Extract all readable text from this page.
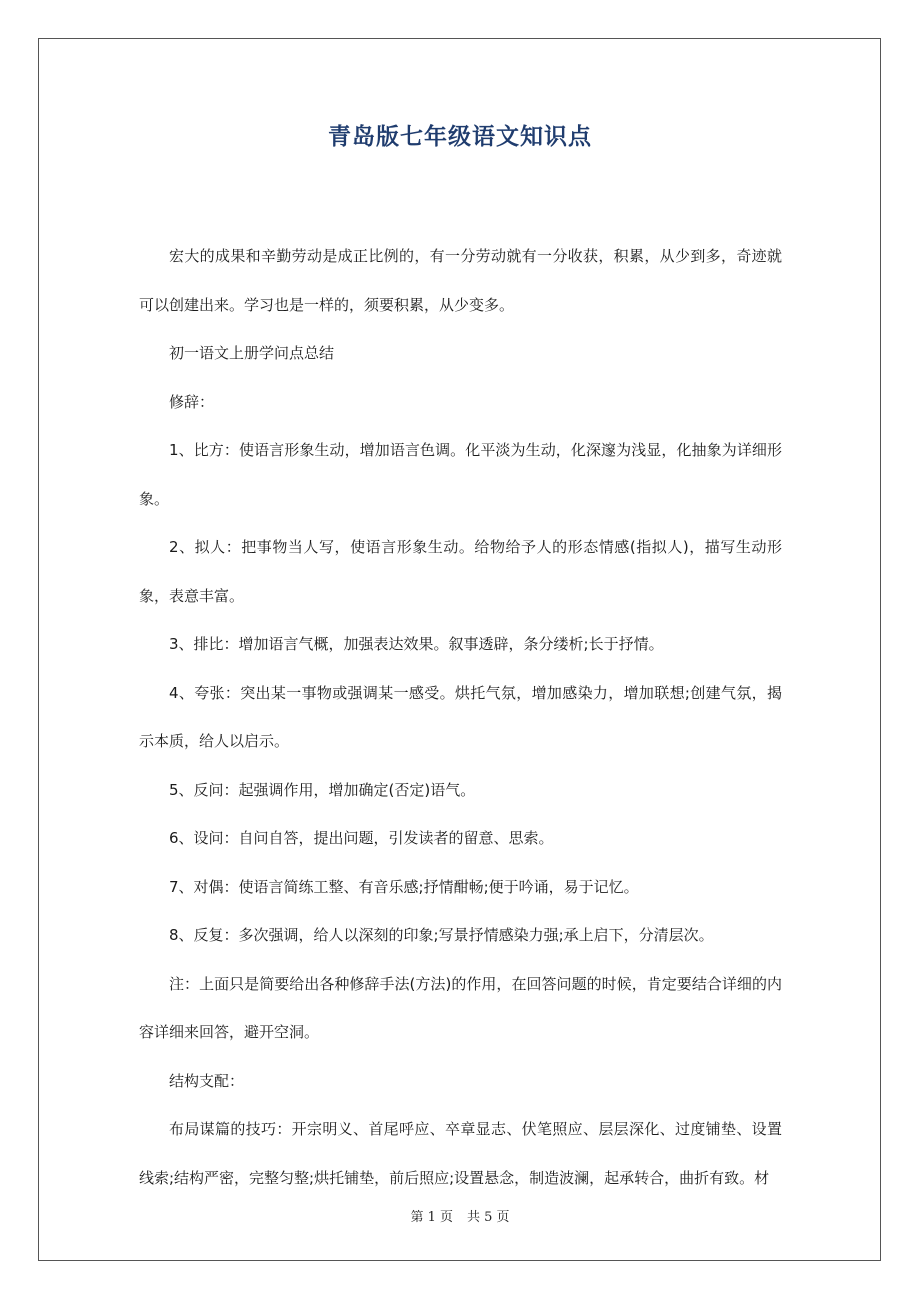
青岛版七年级语文知识点

宏大的成果和辛勤劳动是成正比例的，有一分劳动就有一分收获，积累，从少到多，奇迹就可以创建出来。学习也是一样的，须要积累，从少变多。

初一语文上册学问点总结

修辞：

1、比方：使语言形象生动，增加语言色调。化平淡为生动，化深邃为浅显，化抽象为详细形象。

2、拟人：把事物当人写，使语言形象生动。给物给予人的形态情感(指拟人)，描写生动形象，表意丰富。

3、排比：增加语言气概，加强表达效果。叙事透辟，条分缕析;长于抒情。

4、夸张：突出某一事物或强调某一感受。烘托气氛，增加感染力，增加联想;创建气氛，揭示本质，给人以启示。

5、反问：起强调作用，增加确定(否定)语气。

6、设问：自问自答，提出问题，引发读者的留意、思索。

7、对偶：使语言简练工整、有音乐感;抒情酣畅;便于吟诵，易于记忆。

8、反复：多次强调，给人以深刻的印象;写景抒情感染力强;承上启下，分清层次。

注：上面只是简要给出各种修辞手法(方法)的作用，在回答问题的时候，肯定要结合详细的内容详细来回答，避开空洞。

结构支配：

布局谋篇的技巧：开宗明义、首尾呼应、卒章显志、伏笔照应、层层深化、过度铺垫、设置线索;结构严密，完整匀整;烘托铺垫，前后照应;设置悬念，制造波澜，起承转合，曲折有致。材

第 1 页 共 5 页
